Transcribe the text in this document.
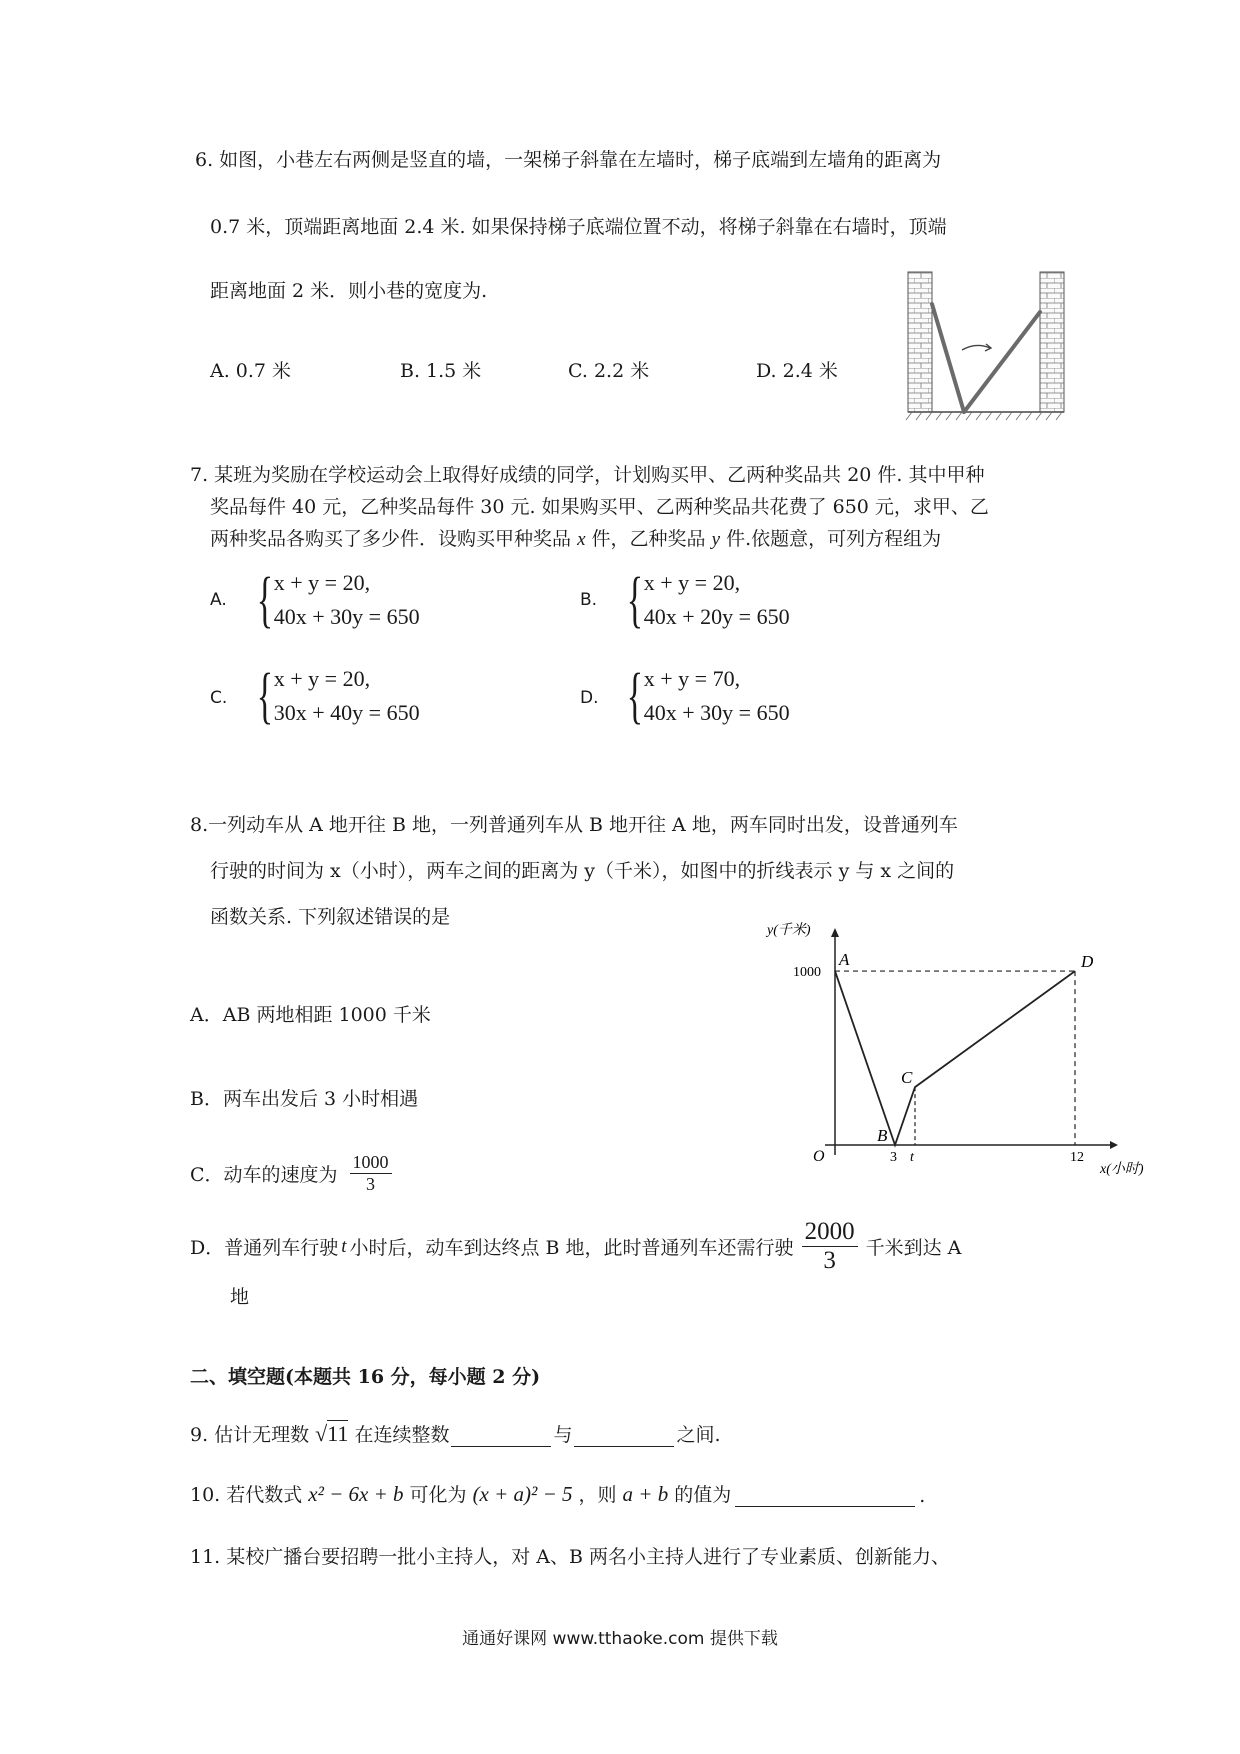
6. 如图，小巷左右两侧是竖直的墙，一架梯子斜靠在左墙时，梯子底端到左墙角的距离为
0.7 米，顶端距离地面 2.4 米. 如果保持梯子底端位置不动，将梯子斜靠在右墙时，顶端
距离地面 2 米．则小巷的宽度为.
A. 0.7 米	B. 1.5 米	C. 2.2 米	D. 2.4 米
7. 某班为奖励在学校运动会上取得好成绩的同学，计划购买甲、乙两种奖品共 20 件. 其中甲种
奖品每件 40 元，乙种奖品每件 30 元. 如果购买甲、乙两种奖品共花费了 650 元，求甲、乙
两种奖品各购买了多少件．设购买甲种奖品 x 件，乙种奖品 y 件.依题意，可列方程组为
A. { x + y = 20,
40x + 30y = 650
B. { x + y = 20,
40x + 20y = 650
C. { x + y = 20,
30x + 40y = 650
D. { x + y = 70,
40x + 30y = 650
8.一列动车从 A 地开往 B 地，一列普通列车从 B 地开往 A 地，两车同时出发，设普通列车
行驶的时间为 x（小时），两车之间的距离为 y（千米），如图中的折线表示 y 与 x 之间的
函数关系. 下列叙述错误的是
A．AB 两地相距 1000 千米
B．两车出发后 3 小时相遇
C．动车的速度为 $\frac{1000}{3}$
D．普通列车行驶 t 小时后，动车到达终点 B 地，此时普通列车还需行驶 $\frac{2000}{3}$ 千米到达 A
地
x(小时)
y(千米)
O
A
B
C
D
3 t	12
1000
二、填空题(本题共 16 分，每小题 2 分)
9. 估计无理数 √11 在连续整数	与	之间.
10. 若代数式 x² − 6x + b 可化为 (x + a)² − 5 ，则 a + b 的值为	.
11. 某校广播台要招聘一批小主持人，对 A、B 两名小主持人进行了专业素质、创新能力、
通通好课网 www.tthaoke.com 提供下载
